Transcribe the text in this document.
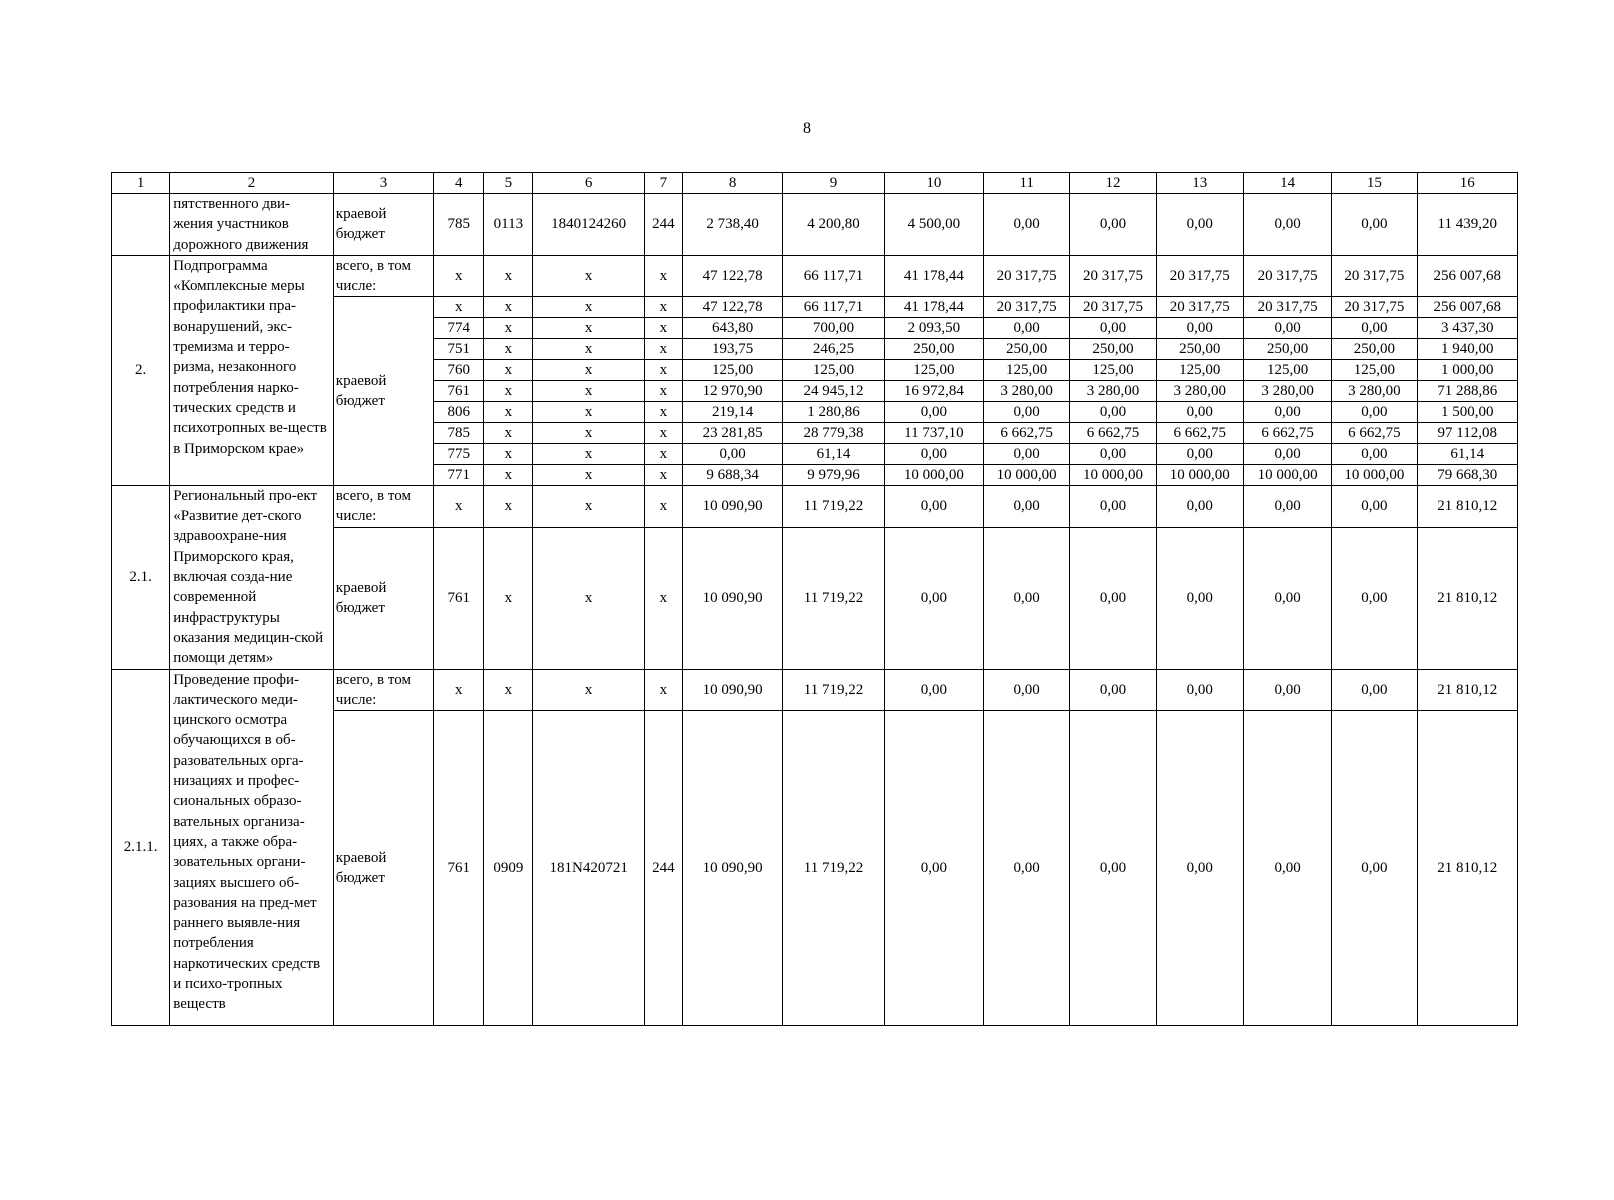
8
1	2	3	4	5	6	7	8	9	10	11	12	13	14	15	16
	пятственного дви-жения участников дорожного движения	краевой бюджет	785	0113	1840124260	244	2 738,40	4 200,80	4 500,00	0,00	0,00	0,00	0,00	0,00	11 439,20
2.	Подпрограмма «Комплексные меры профилактики пра-вонарушений, экс-тремизма и терро-ризма, незаконного потребления нарко-тических средств и психотропных ве-ществ в Приморском крае»	всего, в том числе:	x	x	x	x	47 122,78	66 117,71	41 178,44	20 317,75	20 317,75	20 317,75	20 317,75	20 317,75	256 007,68
		краевой бюджет	x	x	x	x	47 122,78	66 117,71	41 178,44	20 317,75	20 317,75	20 317,75	20 317,75	20 317,75	256 007,68
			774	x	x	x	643,80	700,00	2 093,50	0,00	0,00	0,00	0,00	0,00	3 437,30
			751	x	x	x	193,75	246,25	250,00	250,00	250,00	250,00	250,00	250,00	1 940,00
			760	x	x	x	125,00	125,00	125,00	125,00	125,00	125,00	125,00	125,00	1 000,00
			761	x	x	x	12 970,90	24 945,12	16 972,84	3 280,00	3 280,00	3 280,00	3 280,00	3 280,00	71 288,86
			806	x	x	x	219,14	1 280,86	0,00	0,00	0,00	0,00	0,00	0,00	1 500,00
			785	x	x	x	23 281,85	28 779,38	11 737,10	6 662,75	6 662,75	6 662,75	6 662,75	6 662,75	97 112,08
			775	x	x	x	0,00	61,14	0,00	0,00	0,00	0,00	0,00	0,00	61,14
			771	x	x	x	9 688,34	9 979,96	10 000,00	10 000,00	10 000,00	10 000,00	10 000,00	10 000,00	79 668,30
2.1.	Региональный про-ект «Развитие дет-ского здравоохране-ния Приморского края, включая созда-ние современной инфраструктуры оказания медицин-ской помощи детям»	всего, в том числе:	x	x	x	x	10 090,90	11 719,22	0,00	0,00	0,00	0,00	0,00	0,00	21 810,12
		краевой бюджет	761	x	x	x	10 090,90	11 719,22	0,00	0,00	0,00	0,00	0,00	0,00	21 810,12
2.1.1.	Проведение профи-лактического меди-цинского осмотра обучающихся в об-разовательных орга-низациях и профес-сиональных образо-вательных организа-циях, а также обра-зовательных органи-зациях высшего об-разования на пред-мет раннего выявле-ния потребления наркотических средств и психо-тропных веществ	всего, в том числе:	x	x	x	x	10 090,90	11 719,22	0,00	0,00	0,00	0,00	0,00	0,00	21 810,12
		краевой бюджет	761	0909	181N420721	244	10 090,90	11 719,22	0,00	0,00	0,00	0,00	0,00	0,00	21 810,12
